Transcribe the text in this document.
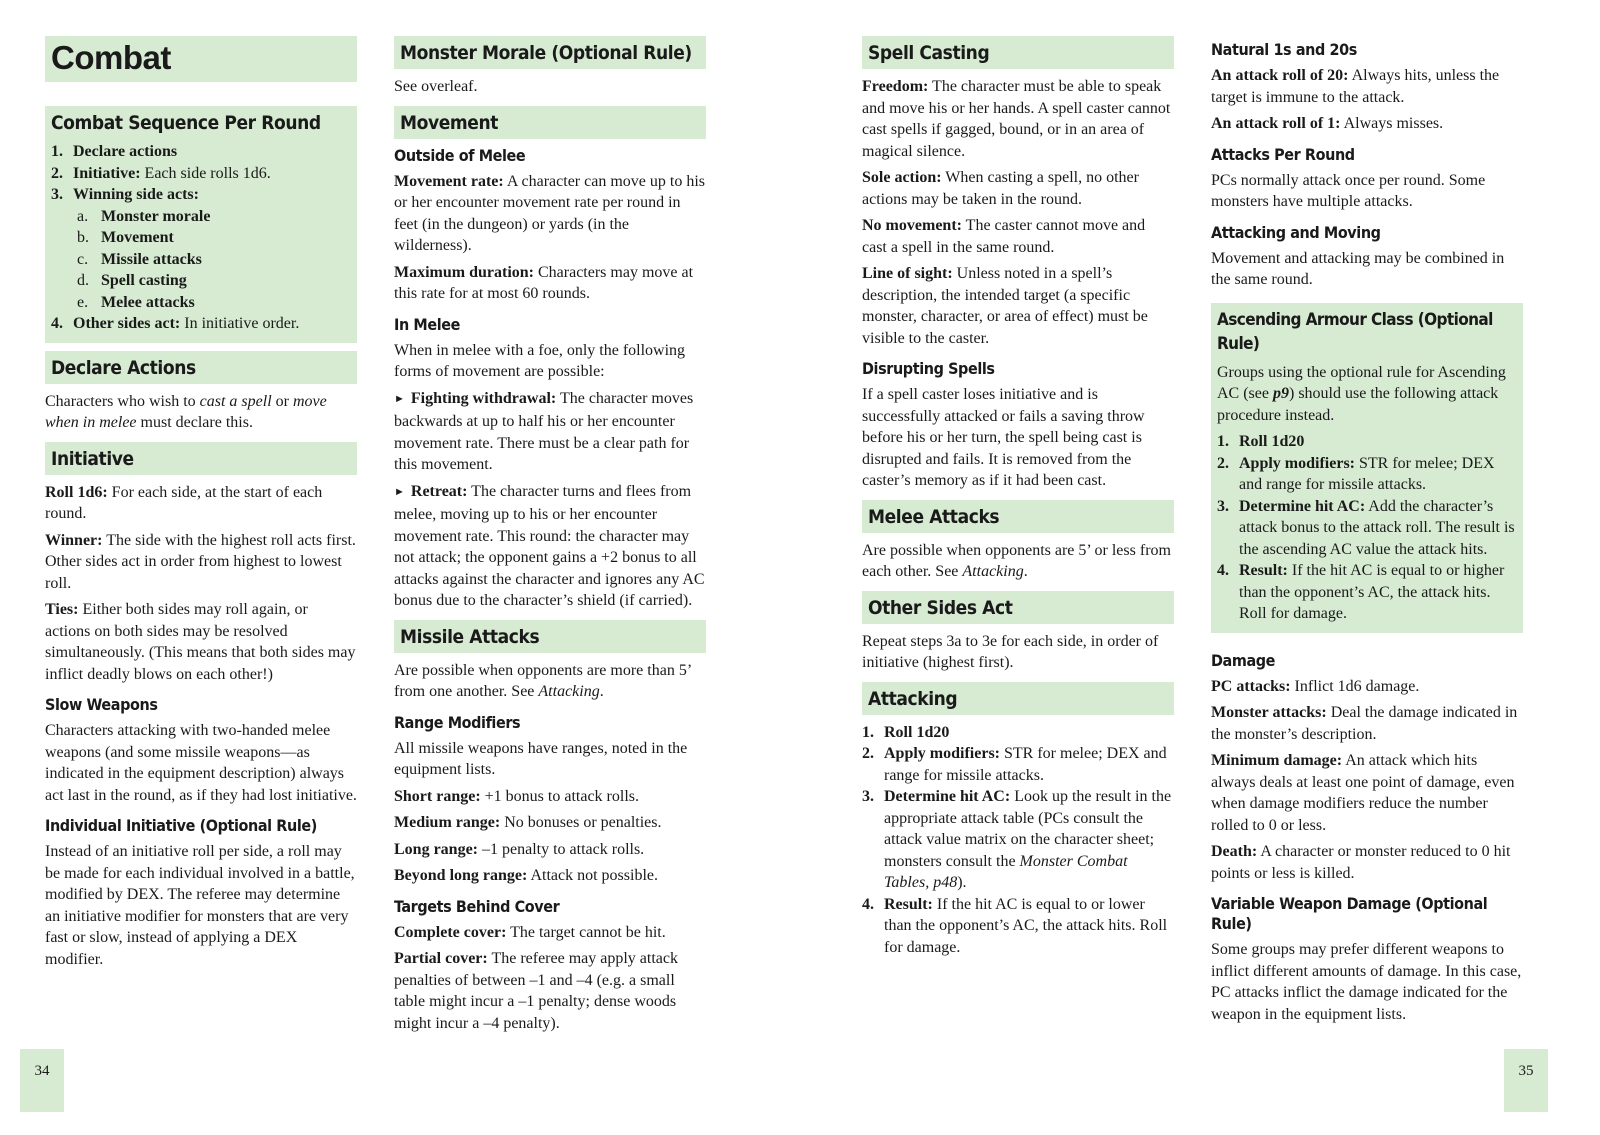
Combat
Combat Sequence Per Round
1. Declare actions
2. Initiative: Each side rolls 1d6.
3. Winning side acts:
a. Monster morale
b. Movement
c. Missile attacks
d. Spell casting
e. Melee attacks
4. Other sides act: In initiative order.
Declare Actions

Characters who wish to cast a spell or move when in melee must declare this.

Initiative

Roll 1d6: For each side, at the start of each round.

Winner: The side with the highest roll acts first. Other sides act in order from highest to lowest roll.

Ties: Either both sides may roll again, or actions on both sides may be resolved simultaneously. (This means that both sides may inflict deadly blows on each other!)

Slow Weapons

Characters attacking with two-handed melee weapons (and some missile weapons—as indicated in the equipment description) always act last in the round, as if they had lost initiative.

Individual Initiative (Optional Rule)

Instead of an initiative roll per side, a roll may be made for each individual involved in a battle, modified by DEX. The referee may determine an initiative modifier for monsters that are very fast or slow, instead of applying a DEX modifier.

Monster Morale (Optional Rule)

See overleaf.

Movement
Outside of Melee

Movement rate: A character can move up to his or her encounter movement rate per round in feet (in the dungeon) or yards (in the wilderness).

Maximum duration: Characters may move at this rate for at most 60 rounds.

In Melee

When in melee with a foe, only the following forms of movement are possible:

► Fighting withdrawal: The character moves backwards at up to half his or her encounter movement rate. There must be a clear path for this movement.

► Retreat: The character turns and flees from melee, moving up to his or her encounter movement rate. This round: the character may not attack; the opponent gains a +2 bonus to all attacks against the character and ignores any AC bonus due to the character’s shield (if carried).

Missile Attacks

Are possible when opponents are more than 5’ from one another. See Attacking.

Range Modifiers

All missile weapons have ranges, noted in the equipment lists.

Short range: +1 bonus to attack rolls.

Medium range: No bonuses or penalties.

Long range: –1 penalty to attack rolls.

Beyond long range: Attack not possible.

Targets Behind Cover

Complete cover: The target cannot be hit.

Partial cover: The referee may apply attack penalties of between –1 and –4 (e.g. a small table might incur a –1 penalty; dense woods might incur a –4 penalty).

Spell Casting

Freedom: The character must be able to speak and move his or her hands. A spell caster cannot cast spells if gagged, bound, or in an area of magical silence.

Sole action: When casting a spell, no other actions may be taken in the round.

No movement: The caster cannot move and cast a spell in the same round.

Line of sight: Unless noted in a spell’s description, the intended target (a specific monster, character, or area of effect) must be visible to the caster.

Disrupting Spells

If a spell caster loses initiative and is successfully attacked or fails a saving throw before his or her turn, the spell being cast is disrupted and fails. It is removed from the caster’s memory as if it had been cast.

Melee Attacks

Are possible when opponents are 5’ or less from each other. See Attacking.

Other Sides Act

Repeat steps 3a to 3e for each side, in order of initiative (highest first).

Attacking
1. Roll 1d20
2. Apply modifiers: STR for melee; DEX and range for missile attacks.
3. Determine hit AC: Look up the result in the appropriate attack table (PCs consult the attack value matrix on the character sheet; monsters consult the Monster Combat Tables, p48).
4. Result: If the hit AC is equal to or lower than the opponent’s AC, the attack hits. Roll for damage.
Natural 1s and 20s

An attack roll of 20: Always hits, unless the target is immune to the attack.

An attack roll of 1: Always misses.

Attacks Per Round

PCs normally attack once per round. Some monsters have multiple attacks.

Attacking and Moving

Movement and attacking may be combined in the same round.

Ascending Armour Class (Optional Rule)

Groups using the optional rule for Ascending AC (see p9) should use the following attack procedure instead.

1. Roll 1d20
2. Apply modifiers: STR for melee; DEX and range for missile attacks.
3. Determine hit AC: Add the character’s attack bonus to the attack roll. The result is the ascending AC value the attack hits.
4. Result: If the hit AC is equal to or higher than the opponent’s AC, the attack hits. Roll for damage.
Damage

PC attacks: Inflict 1d6 damage.

Monster attacks: Deal the damage indicated in the monster’s description.

Minimum damage: An attack which hits always deals at least one point of damage, even when damage modifiers reduce the number rolled to 0 or less.

Death: A character or monster reduced to 0 hit points or less is killed.

Variable Weapon Damage (Optional Rule)

Some groups may prefer different weapons to inflict different amounts of damage. In this case, PC attacks inflict the damage indicated for the weapon in the equipment lists.

34	35
